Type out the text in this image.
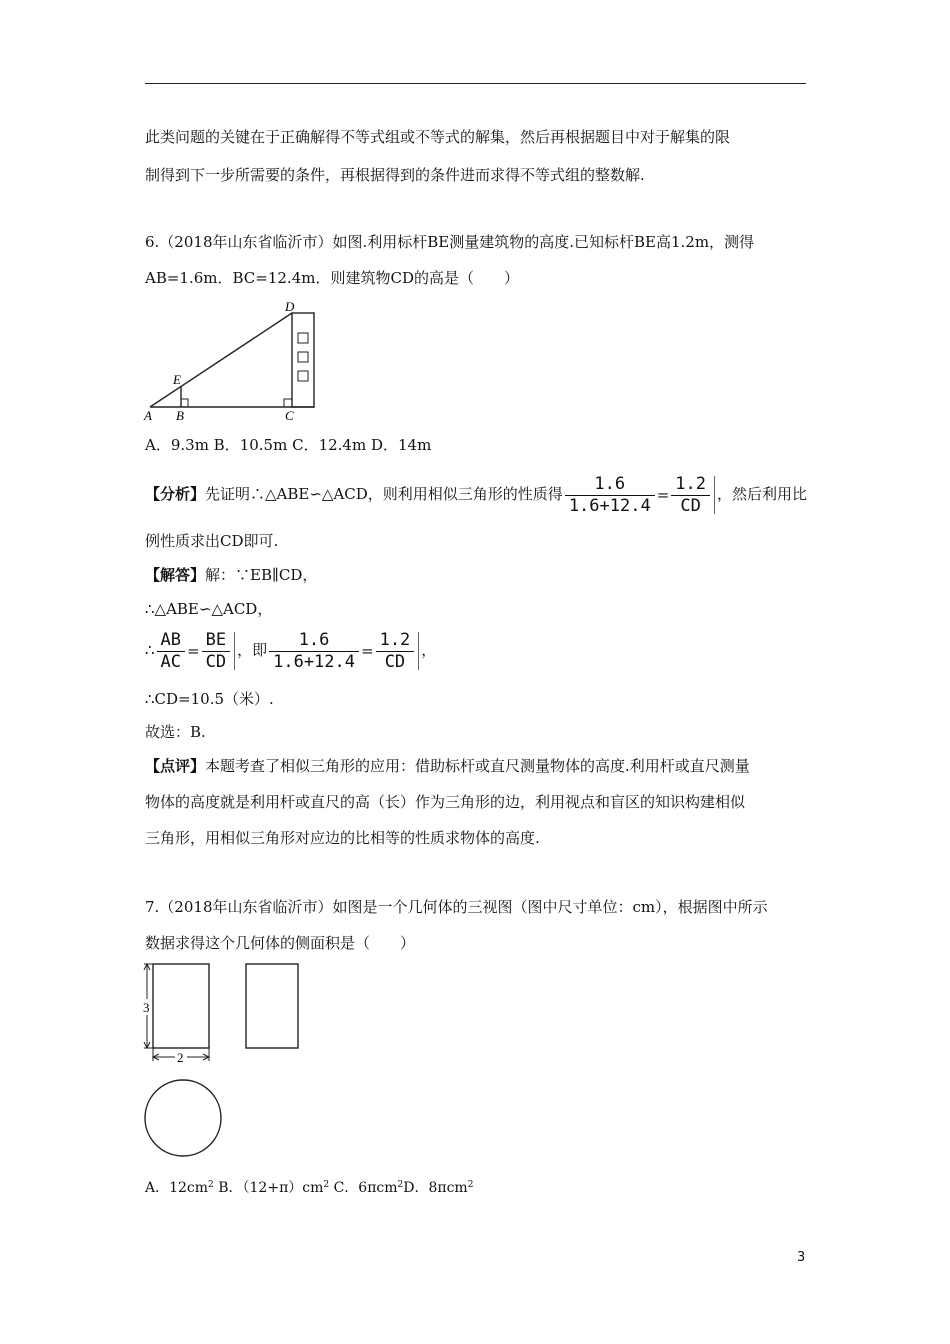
此类问题的关键在于正确解得不等式组或不等式的解集，然后再根据题目中对于解集的限
制得到下一步所需要的条件，再根据得到的条件进而求得不等式组的整数解.
6.（2018年山东省临沂市）如图.利用标杆BE测量建筑物的高度.已知标杆BE高1.2m，测得
AB=1.6m．BC=12.4m．则建筑物CD的高是（　　）
A B	C
D
E
A．9.3m B．10.5m C．12.4m D．14m
【分析】先证明∴△ABE∽△ACD，则利用相似三角形的性质得 $\frac{1.6}{1.6+12.4} = \frac{1.2}{CD}$ ，然后利用比
例性质求出CD即可.
【解答】解：∵EB∥CD，
∴△ABE∽△ACD，
∴ $\frac{AB}{AC} = \frac{BE}{CD}$ ，即 $\frac{1.6}{1.6+12.4} = \frac{1.2}{CD}$ ，
∴CD=10.5（米）.
故选：B.
【点评】本题考查了相似三角形的应用：借助标杆或直尺测量物体的高度.利用杆或直尺测量
物体的高度就是利用杆或直尺的高（长）作为三角形的边，利用视点和盲区的知识构建相似
三角形，用相似三角形对应边的比相等的性质求物体的高度.
7.（2018年山东省临沂市）如图是一个几何体的三视图（图中尺寸单位：cm），根据图中所示
数据求得这个几何体的侧面积是（　　）
3
2
A．$12cm^2$ B．$(12+\pi)cm^2$ C．6πcm$^2$D．8πcm$^2$
3
